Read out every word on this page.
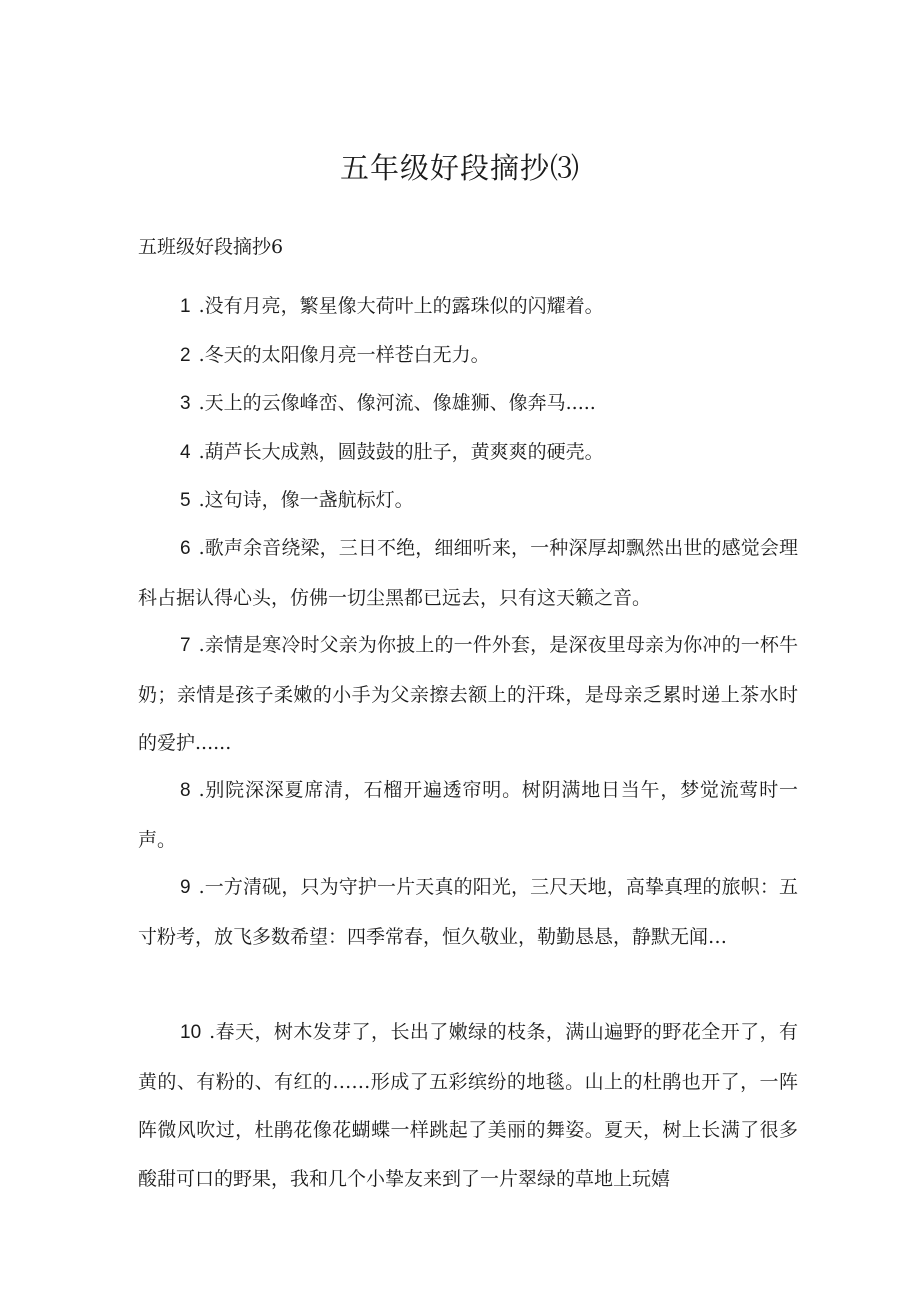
五年级好段摘抄⑶

五班级好段摘抄6

1 .没有月亮，繁星像大荷叶上的露珠似的闪耀着。

2 .冬天的太阳像月亮一样苍白无力。

3 .天上的云像峰峦、像河流、像雄狮、像奔马.....

4 .葫芦长大成熟，圆鼓鼓的肚子，黄爽爽的硬壳。

5 .这句诗，像一盏航标灯。

6 .歌声余音绕梁，三日不绝，细细听来，一种深厚却飘然出世的感觉会理科占据认得心头，仿佛一切尘黑都已远去，只有这天籁之音。

7 .亲情是寒冷时父亲为你披上的一件外套，是深夜里母亲为你冲的一杯牛奶；亲情是孩子柔嫩的小手为父亲擦去额上的汗珠，是母亲乏累时递上茶水时的爱护......

8 .别院深深夏席清，石榴开遍透帘明。树阴满地日当午，梦觉流莺时一声。

9 .一方清砚，只为守护一片天真的阳光，三尺天地，高挚真理的旅帜：五寸粉考，放飞多数希望：四季常春，恒久敬业，勒勤恳恳，静默无闻…

10 .春天，树木发芽了，长出了嫩绿的枝条，满山遍野的野花全开了，有黄的、有粉的、有红的……形成了五彩缤纷的地毯。山上的杜鹃也开了，一阵阵微风吹过，杜鹃花像花蝴蝶一样跳起了美丽的舞姿。夏天，树上长满了很多酸甜可口的野果，我和几个小挚友来到了一片翠绿的草地上玩嬉
